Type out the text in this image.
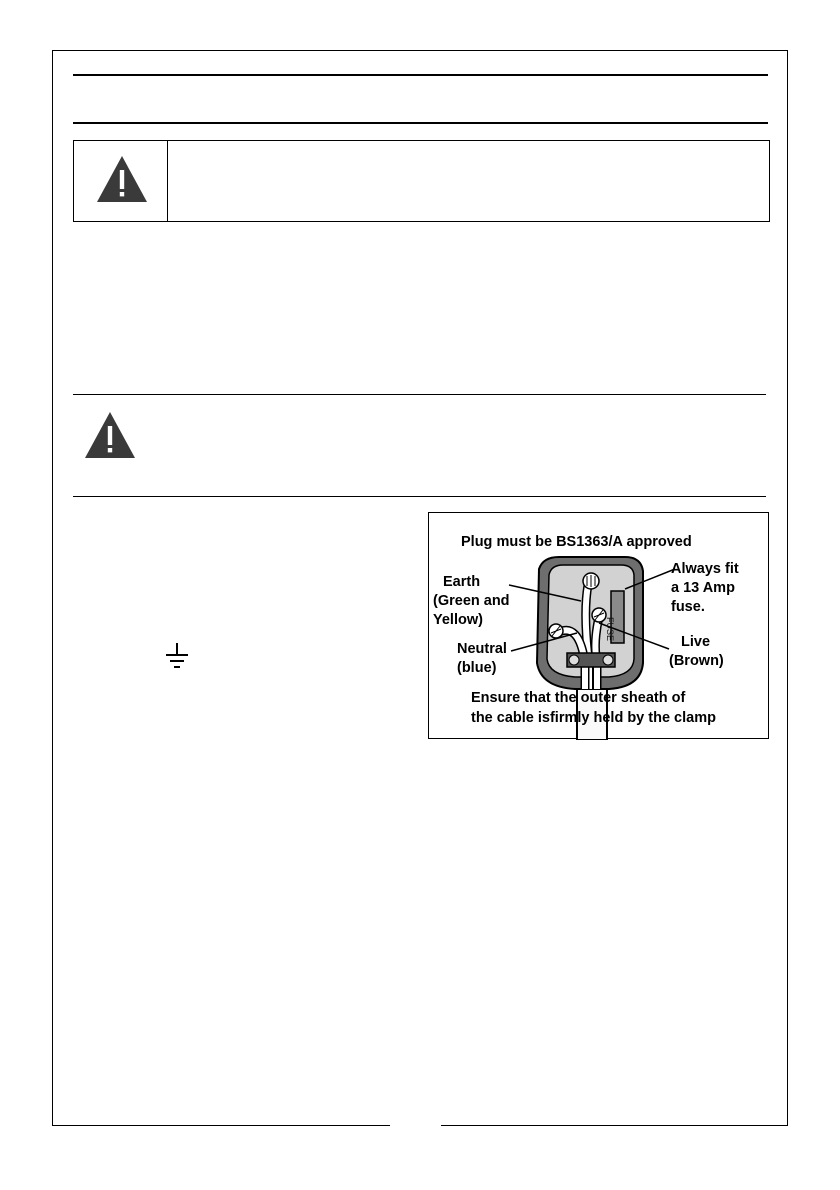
Plug must be BS1363/A approved
Earth
(Green and
Yellow)
Neutral
(blue)
Always fit
a 13 Amp
fuse.
Live
(Brown)
FUSE
Ensure that the outer sheath of
the cable isfirmly held by the clamp
